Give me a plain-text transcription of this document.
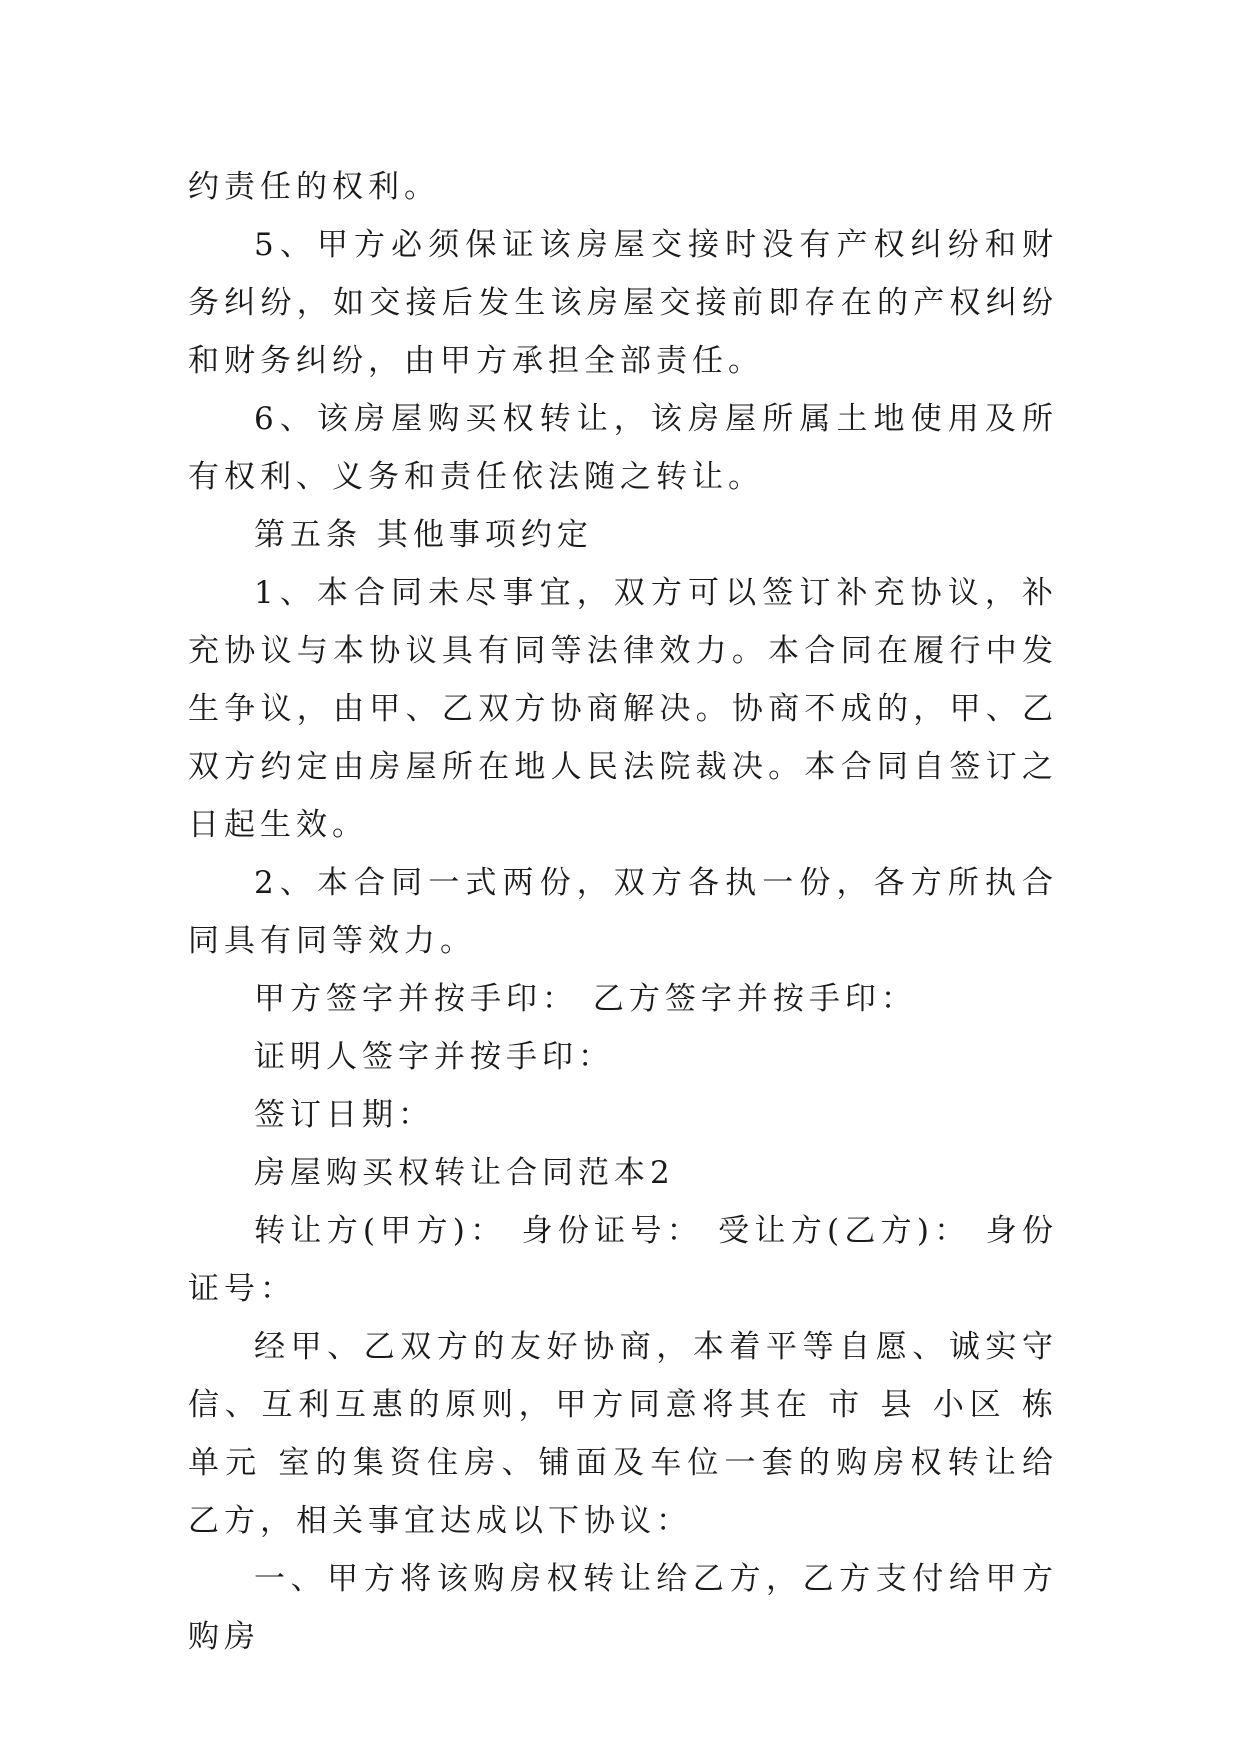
约责任的权利。

5、甲方必须保证该房屋交接时没有产权纠纷和财务纠纷，如交接后发生该房屋交接前即存在的产权纠纷和财务纠纷，由甲方承担全部责任。

6、该房屋购买权转让，该房屋所属土地使用及所有权利、义务和责任依法随之转让。

第五条 其他事项约定

1、本合同未尽事宜，双方可以签订补充协议，补充协议与本协议具有同等法律效力。本合同在履行中发生争议，由甲、乙双方协商解决。协商不成的，甲、乙双方约定由房屋所在地人民法院裁决。本合同自签订之日起生效。

2、本合同一式两份，双方各执一份，各方所执合同具有同等效力。

甲方签字并按手印： 乙方签字并按手印：

证明人签字并按手印：

签订日期：

房屋购买权转让合同范本2

转让方(甲方)： 身份证号： 受让方(乙方)： 身份证号：

经甲、乙双方的友好协商，本着平等自愿、诚实守信、互利互惠的原则，甲方同意将其在 市 县 小区 栋 单元 室的集资住房、铺面及车位一套的购房权转让给乙方，相关事宜达成以下协议：

一、甲方将该购房权转让给乙方，乙方支付给甲方购房
